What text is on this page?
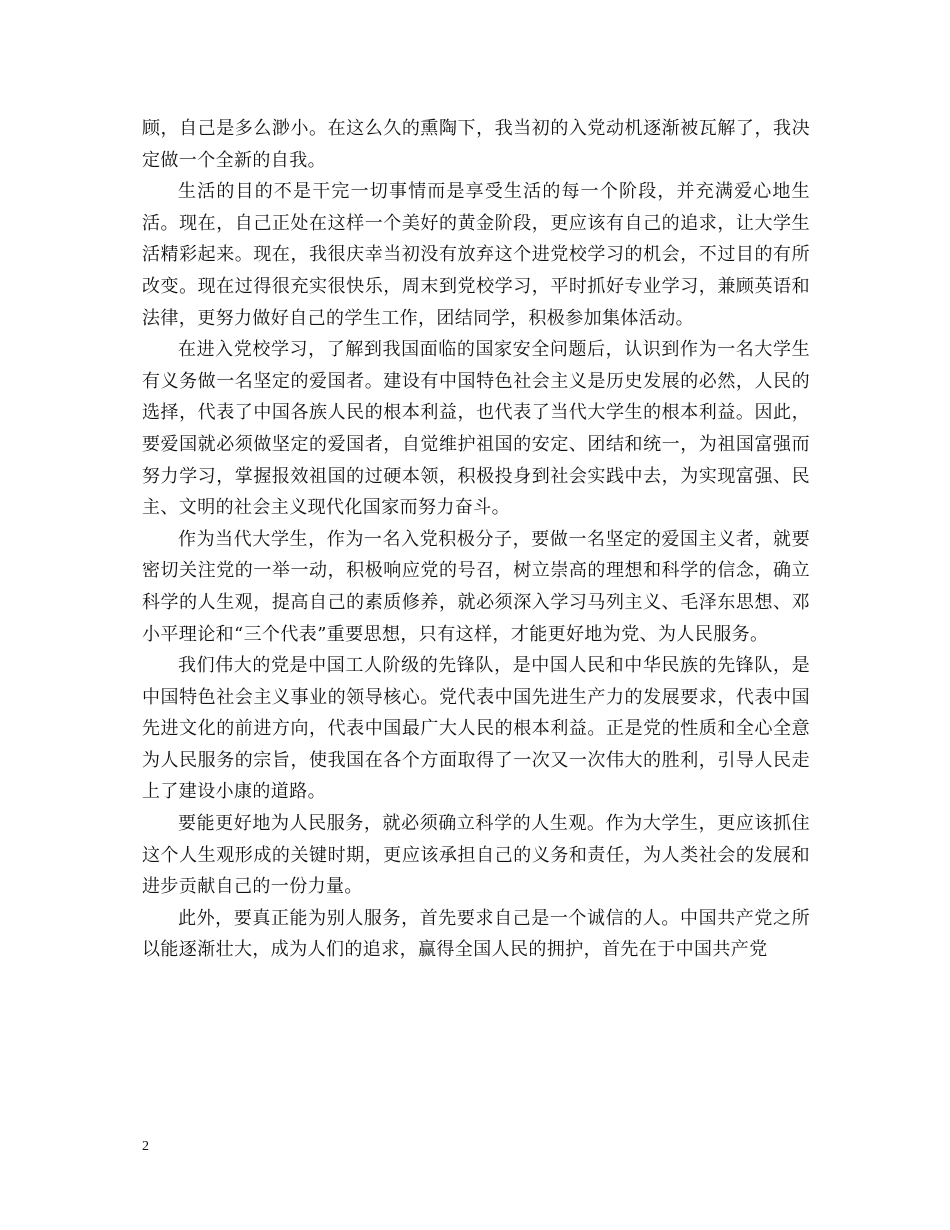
顾，自己是多么渺小。在这么久的熏陶下，我当初的入党动机逐渐被瓦解了，我决定做一个全新的自我。

生活的目的不是干完一切事情而是享受生活的每一个阶段，并充满爱心地生活。现在，自己正处在这样一个美好的黄金阶段，更应该有自己的追求，让大学生活精彩起来。现在，我很庆幸当初没有放弃这个进党校学习的机会，不过目的有所改变。现在过得很充实很快乐，周末到党校学习，平时抓好专业学习，兼顾英语和法律，更努力做好自己的学生工作，团结同学，积极参加集体活动。

在进入党校学习，了解到我国面临的国家安全问题后，认识到作为一名大学生有义务做一名坚定的爱国者。建设有中国特色社会主义是历史发展的必然，人民的选择，代表了中国各族人民的根本利益，也代表了当代大学生的根本利益。因此，要爱国就必须做坚定的爱国者，自觉维护祖国的安定、团结和统一，为祖国富强而努力学习，掌握报效祖国的过硬本领，积极投身到社会实践中去，为实现富强、民主、文明的社会主义现代化国家而努力奋斗。

作为当代大学生，作为一名入党积极分子，要做一名坚定的爱国主义者，就要密切关注党的一举一动，积极响应党的号召，树立崇高的理想和科学的信念，确立科学的人生观，提高自己的素质修养，就必须深入学习马列主义、毛泽东思想、邓小平理论和“三个代表”重要思想，只有这样，才能更好地为党、为人民服务。

我们伟大的党是中国工人阶级的先锋队，是中国人民和中华民族的先锋队，是中国特色社会主义事业的领导核心。党代表中国先进生产力的发展要求，代表中国先进文化的前进方向，代表中国最广大人民的根本利益。正是党的性质和全心全意为人民服务的宗旨，使我国在各个方面取得了一次又一次伟大的胜利，引导人民走上了建设小康的道路。

要能更好地为人民服务，就必须确立科学的人生观。作为大学生，更应该抓住这个人生观形成的关键时期，更应该承担自己的义务和责任，为人类社会的发展和进步贡献自己的一份力量。

此外，要真正能为别人服务，首先要求自己是一个诚信的人。中国共产党之所以能逐渐壮大，成为人们的追求，赢得全国人民的拥护，首先在于中国共产党

2
